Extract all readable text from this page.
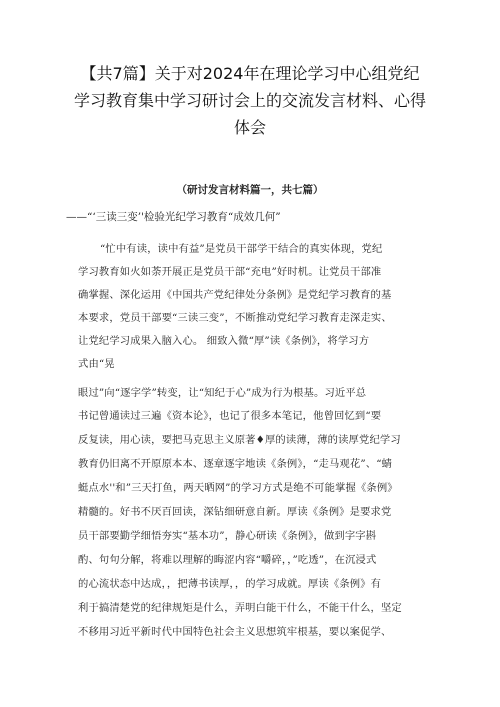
【共7篇】关于对2024年在理论学习中心组党纪
学习教育集中学习研讨会上的交流发言材料、心得
体会
（研讨发言材料篇一，共七篇）
——“‘三读三变’'检验光纪学习教育“成效几何”
“忙中有读，读中有益”是党员干部学干结合的真实体现，党纪
学习教育如火如荼开展正是党员干部“充电”好时机。让党员干部准
确掌握、深化运用《中国共产党纪律处分条例》是党纪学习教育的基
本要求，党员干部要“三读三变”，不断推动党纪学习教育走深走实、
让党纪学习成果入脑入心。 细致入微“厚”读《条例》，将学习方
式由“晃
眼过”向“逐字学”转变，让“知纪于心”成为行为根基。习近平总
书记曾通读过三遍《资本论》，也记了很多本笔记，他曾回忆到“要
反复读，用心读，要把马克思主义原著♦厚的读薄，薄的读厚党纪学习
教育仍旧离不开原原本本、逐章逐字地读《条例》，“走马观花”、“蜻
蜓点水''和”三天打鱼，两天晒网”的学习方式是绝不可能掌握《条例》
精髓的。好书不厌百回读，深钻细研意自新。厚读《条例》是要求党
员干部要勤学细悟夯实“基本功”，静心研读《条例》，做到字字斟
酌、句句分解，将难以理解的晦涩内容“嚼碎，，”吃透”，在沉浸式
的心流状态中达成，，把薄书读厚，，的学习成就。厚读《条例》有
利于搞清楚党的纪律规矩是什么，弄明白能干什么，不能干什么，坚定
不移用习近平新时代中国特色社会主义思想筑牢根基，要以案促学、
